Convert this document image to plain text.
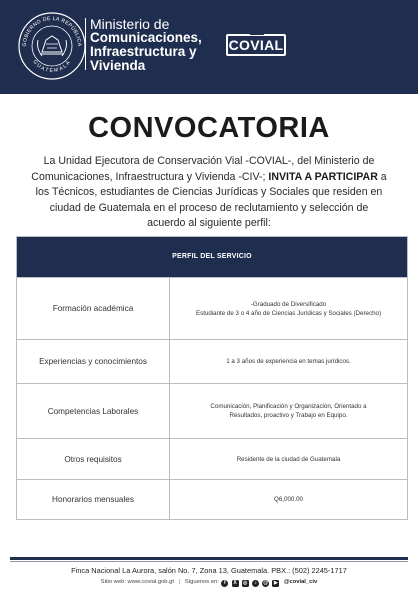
GOBIERNO DE LA REPÚBLICA
GUATEMALA
Ministerio de
Comunicaciones,
Infraestructura y
Vivienda
COVIAL
CONVOCATORIA

La Unidad Ejecutora de Conservación Vial -COVIAL-, del Ministerio de Comunicaciones, Infraestructura y Vivienda -CIV-; INVITA A PARTICIPAR a los Técnicos, estudiantes de Ciencias Jurídicas y Sociales que residen en ciudad de Guatemala en el proceso de reclutamiento y selección de acuerdo al siguiente perfil:

PERFIL DEL SERVICIO
Formación académica	-Graduado de Diversificado
Estudiante de 3 o 4 año de Ciencias Jurídicas y Sociales (Derecho)
Experiencias y conocimientos	1 a 3 años de experiencia en temas jurídicos.
Competencias Laborales	Comunicación, Planificación y Organización, Orientado a
Resultados, proactivo y Trabajo en Equipo.
Otros requisitos	Residente de la ciudad de Guatemala
Honorarios mensuales	Q6,000.00
Finca Nacional La Aurora, salón No. 7, Zona 13, Guatemala. PBX.: (502) 2245-1717
Sitio web: www.covial.gob.gt | Síguenos en: f X ◎ ♪ @ ▶ @covial_civ
